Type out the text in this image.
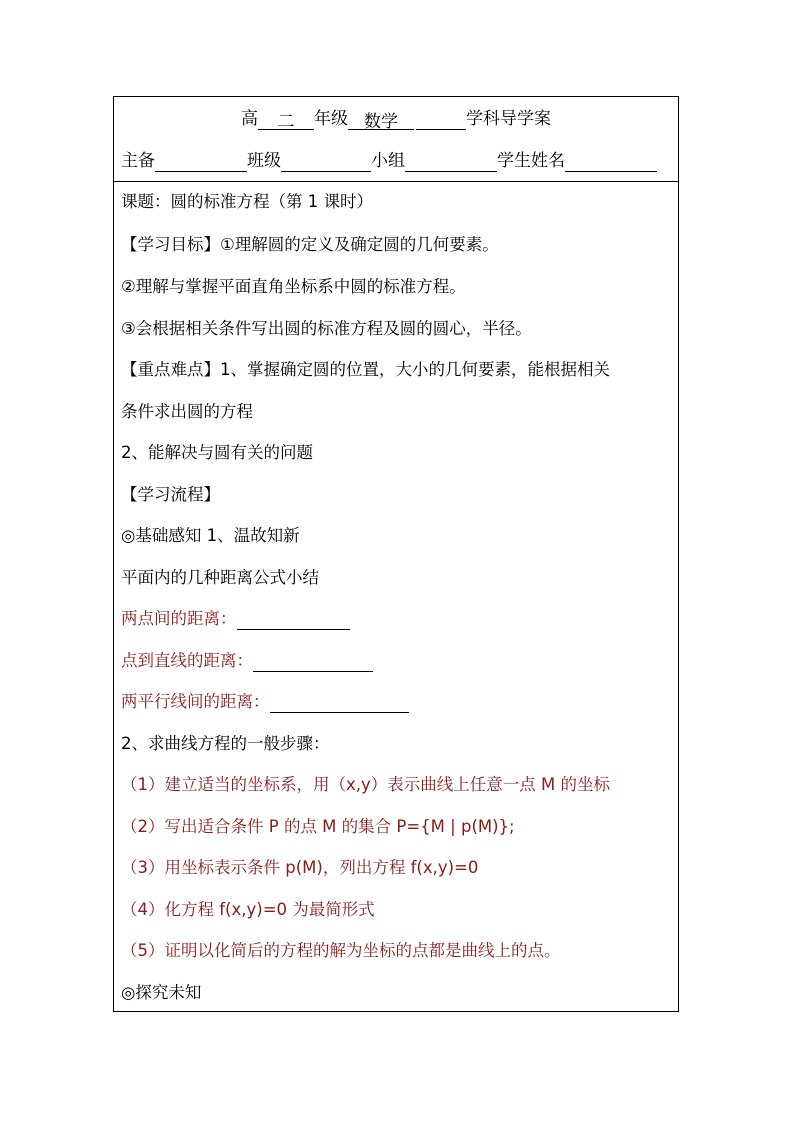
高 二 年级 数学	学科导学案
主备	班级	小组	学生姓名
课题：圆的标准方程（第 1 课时）
【学习目标】①理解圆的定义及确定圆的几何要素。
②理解与掌握平面直角坐标系中圆的标准方程。
③会根据相关条件写出圆的标准方程及圆的圆心，半径。
【重点难点】1、掌握确定圆的位置，大小的几何要素，能根据相关
条件求出圆的方程
2、能解决与圆有关的问题
【学习流程】
◎基础感知 1、温故知新
平面内的几种距离公式小结
两点间的距离：
点到直线的距离：
两平行线间的距离：
2、求曲线方程的一般步骤：
（1）建立适当的坐标系，用（x,y）表示曲线上任意一点 M 的坐标
（2）写出适合条件 P 的点 M 的集合 P={M | p(M)};
（3）用坐标表示条件 p(M)，列出方程 f(x,y)=0
（4）化方程 f(x,y)=0 为最简形式
（5）证明以化简后的方程的解为坐标的点都是曲线上的点。
◎探究未知
